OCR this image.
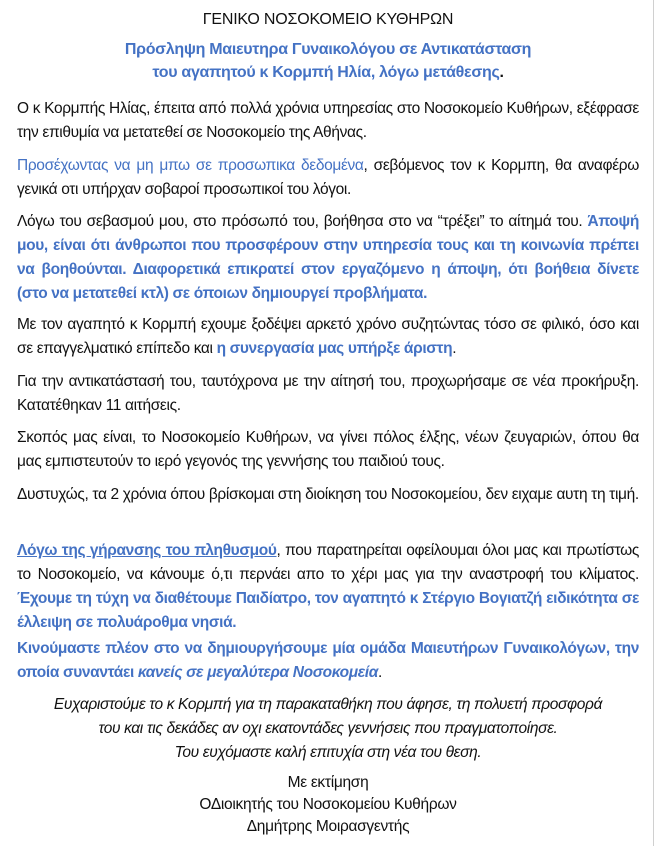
ΓΕΝΙΚΟ ΝΟΣΟΚΟΜΕΙΟ ΚΥΘΗΡΩΝ
Πρόσληψη Μαιευτηρα Γυναικολόγου σε Αντικατάσταση
του αγαπητού κ Κορμπή Ηλία, λόγω μετάθεσης.
Ο κ Κορμπής Ηλίας, έπειτα από πολλά χρόνια υπηρεσίας στο Νοσοκομείο Κυθήρων, εξέφρασε την επιθυμία να μετατεθεί σε Νοσοκομείο της Αθήνας.
Προσέχωντας να μη μπω σε προσωπικα δεδομένα, σεβόμενος τον κ Κορμπη, θα αναφέρω γενικά οτι υπήρχαν σοβαροί προσωπικοί του λόγοι.
Λόγω του σεβασμού μου, στο πρόσωπό του, βοήθησα στο να “τρέξει” το αίτημά του. Άποψή μου, είναι ότι άνθρωποι που προσφέρουν στην υπηρεσία τους και τη κοινωνία πρέπει να βοηθούνται. Διαφορετικά επικρατεί στον εργαζόμενο η άποψη, ότι βοήθεια δίνετε (στο να μετατεθεί κτλ) σε όποιων δημιουργεί προβλήματα.
Με τον αγαπητό κ Κορμπή εχουμε ξοδέψει αρκετό χρόνο συζητώντας τόσο σε φιλικό, όσο και σε επαγγελματικό επίπεδο και η συνεργασία μας υπήρξε άριστη.
Για την αντικατάστασή του, ταυτόχρονα με την αίτησή του, προχωρήσαμε σε νέα προκήρυξη. Κατατέθηκαν 11 αιτήσεις.
Σκοπός μας είναι, το Νοσοκομείο Κυθήρων, να γίνει πόλος έλξης, νέων ζευγαριών, όπου θα μας εμπιστευτούν το ιερό γεγονός της γεννήσης του παιδιού τους.
Δυστυχώς, τα 2 χρόνια όπου βρίσκομαι στη διοίκηση του Νοσοκομείου, δεν ειχαμε αυτη τη τιμή.
Λόγω της γήρανσης του πληθυσμού, που παρατηρείται οφείλουμαι όλοι μας και πρωτίστως το Νοσοκομείο, να κάνουμε ό,τι περνάει απο το χέρι μας για την αναστροφή του κλίματος. Έχουμε τη τύχη να διαθέτουμε Παιδίατρο, τον αγαπητό κ Στέργιο Βογιατζή ειδικότητα σε έλλειψη σε πολυάροθμα νησιά.
Κινούμαστε πλέον στο να δημιουργήσουμε μία ομάδα Μαιευτήρων Γυναικολόγων, την οποία συναντάει κανείς σε μεγαλύτερα Νοσοκομεία.
Ευχαριστούμε το κ Κορμπή για τη παρακαταθήκη που άφησε, τη πολυετή προσφορά
του και τις δεκάδες αν οχι εκατοντάδες γεννήσεις που πραγματοποίησε.
Του ευχόμαστε καλή επιτυχία στη νέα του θεση.
Με εκτίμηση
ΟΔιοικητής του Νοσοκομείου Κυθήρων
Δημήτρης Μοιρασγεντής
